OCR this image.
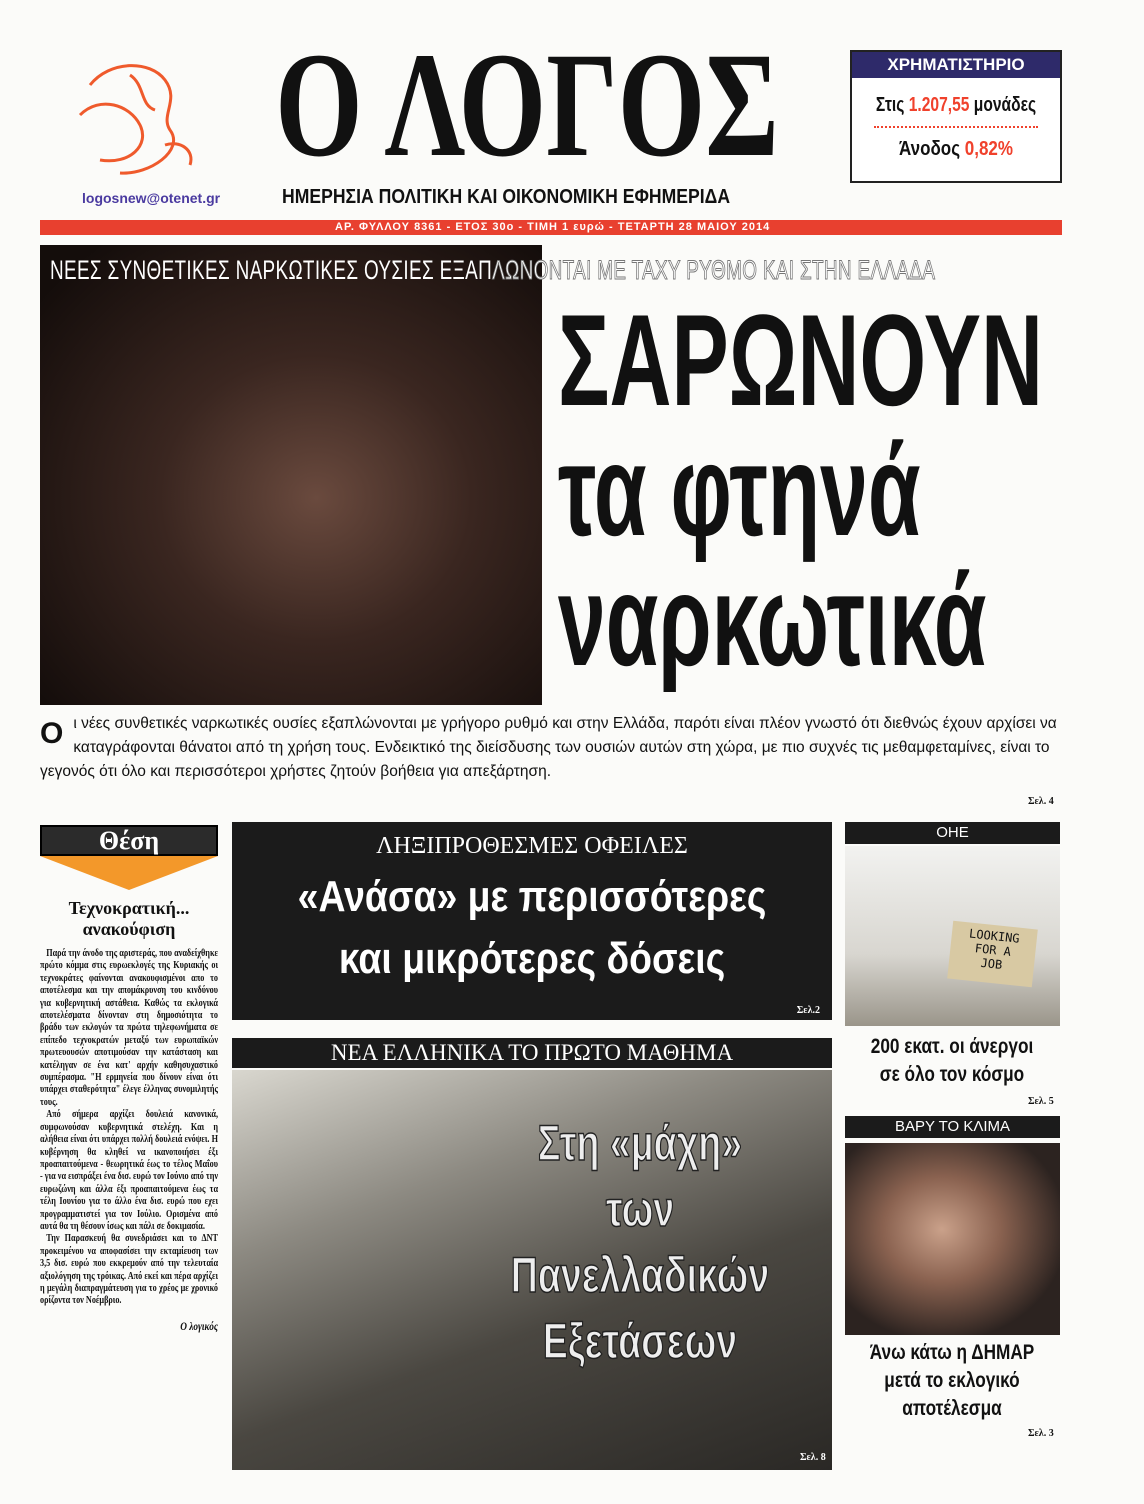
logosnew@otenet.gr
Ο ΛΟΓΟΣ
ΗΜΕΡΗΣΙΑ ΠΟΛΙΤΙΚΗ ΚΑΙ ΟΙΚΟΝΟΜΙΚΗ ΕΦΗΜΕΡΙΔΑ
ΧΡΗΜΑΤΙΣΤΗΡΙΟ
Στις 1.207,55 μονάδες
Άνοδος 0,82%
ΑΡ. ΦΥΛΛΟΥ 8361 - ΕΤΟΣ 30ο - ΤΙΜΗ 1 ευρώ - ΤΕΤΑΡΤΗ 28 ΜΑΙΟΥ 2014
ΝΕΕΣ ΣΥΝΘΕΤΙΚΕΣ ΝΑΡΚΩΤΙΚΕΣ ΟΥΣΙΕΣ ΕΞΑΠΛΩΝΟΝΤΑΙ ΜΕ ΤΑΧΥ ΡΥΘΜΟ ΚΑΙ ΣΤΗΝ ΕΛΛΑΔΑ
ΣΑΡΩΝΟΥΝ
τα φτηνά
ναρκωτικά
Οι νέες συνθετικές ναρκωτικές ουσίες εξαπλώνονται με γρήγορο ρυθμό και στην Ελλάδα, παρότι είναι πλέον γνωστό ότι διεθνώς έχουν αρχίσει να καταγράφονται θάνατοι από τη χρήση τους. Ενδεικτικό της διείσδυσης των ουσιών αυτών στη χώρα, με πιο συχνές τις μεθαμφεταμίνες, είναι το γεγονός ότι όλο και περισσότεροι χρήστες ζητούν βοήθεια για απεξάρτηση.
Σελ. 4
Θέση
Τεχνοκρατική... ανακούφιση

Παρά την άνοδο της αριστεράς, που αναδείχθηκε πρώτο κόμμα στις ευρωεκλογές της Κυριακής οι τεχνοκράτες φαίνονται ανακουφισμένοι απο το αποτέλεσμα και την απομάκρυνση του κινδύνου για κυβερνητική αστάθεια. Καθώς τα εκλογικά αποτελέσματα δίνονταν στη δημοσιότητα το βράδυ των εκλογών τα πρώτα τηλεφωνήματα σε επίπεδο τεχνοκρατών μεταξύ των ευρωπαϊκών πρωτευουσών αποτιμούσαν την κατάσταση και κατέληγαν σε ένα κατ' αρχήν καθησυχαστικό συμπέρασμα. "Η ερμηνεία που δίνουν είναι ότι υπάρχει σταθερότητα" έλεγε έλληνας συνομιλητής τους.

Από σήμερα αρχίζει δουλειά κανονικά, συμφωνούσαν κυβερνητικά στελέχη. Και η αλήθεια είναι ότι υπάρχει πολλή δουλειά ενόψει. Η κυβέρνηση θα κληθεί να ικανοποιήσει έξι προαπαιτούμενα - θεωρητικά έως το τέλος Μαΐου - για να εισπράξει ένα δισ. ευρώ τον Ιούνιο από την ευρωζώνη και άλλα έξι προαπαιτούμενα έως τα τέλη Ιουνίου για το άλλο ένα δισ. ευρώ που εχει προγραμματιστεί για τον Ιούλιο. Ορισμένα από αυτά θα τη θέσουν ίσως και πάλι σε δοκιμασία.

Την Παρασκευή θα συνεδριάσει και το ΔΝΤ προκειμένου να αποφασίσει την εκταμίευση των 3,5 δισ. ευρώ που εκκρεμούν από την τελευταία αξιολόγηση της τρόικας. Από εκεί και πέρα αρχίζει η μεγάλη διαπραγμάτευση για το χρέος με χρονικό ορίζοντα τον Νοέμβριο.

Ο λογικός
ΛΗΞΙΠΡΟΘΕΣΜΕΣ ΟΦΕΙΛΕΣ
«Ανάσα» με περισσότερες
και μικρότερες δόσεις
Σελ.2
ΝΕΑ ΕΛΛΗΝΙΚΑ ΤΟ ΠΡΩΤΟ ΜΑΘΗΜΑ
Στη «μάχη»
των
Πανελλαδικών
Εξετάσεων
Σελ. 8
ΟΗΕ
LOOKING
FOR A
JOB
200 εκατ. οι άνεργοι
σε όλο τον κόσμο
Σελ. 5
ΒΑΡΥ ΤΟ ΚΛΙΜΑ
Άνω κάτω η ΔΗΜΑΡ
μετά το εκλογικό
αποτέλεσμα
Σελ. 3
